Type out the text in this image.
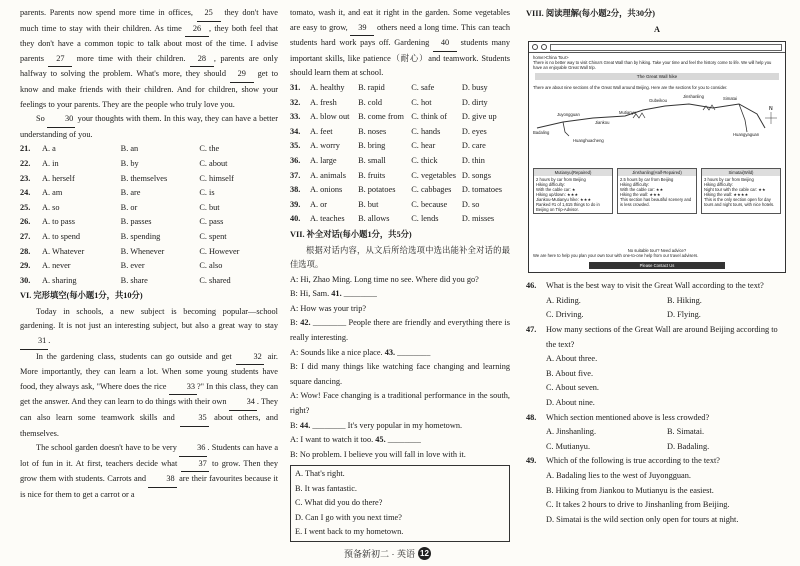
parents. Parents now spend more time in offices, 25 they don't have much time to stay with their children. As time 26 , they both feel that they don't have a common topic to talk about most of the time. I advise parents 27 more time with their children. 28 , parents are only halfway to solving the problem. What's more, they should 29 get to know and make friends with their children. And for children, show your feelings to your parents. They are the people who truly love you.

So 30 your thoughts with them. In this way, they can have a better understanding of you.

21.	A. a	B. an	C. the
22.	A. in	B. by	C. about
23.	A. herself	B. themselves	C. himself
24.	A. am	B. are	C. is
25.	A. so	B. or	C. but
26.	A. to pass	B. passes	C. pass
27.	A. to spend	B. spending	C. spent
28.	A. Whatever	B. Whenever	C. However
29.	A. never	B. ever	C. also
30.	A. sharing	B. share	C. shared
VI. 完形填空(每小题1分，共10分)

Today in schools, a new subject is becoming popular—school gardening. It is not just an interesting subject, but also a great way to stay 31 .

In the gardening class, students can go outside and get 32 air. More importantly, they can learn a lot. When some young students have food, they always ask, "Where does the rice 33 ?" In this class, they can get the answer. And they can learn to do things with their own 34 . They can also learn some teamwork skills and 35 about others, and themselves.

The school garden doesn't have to be very 36 . Students can have a lot of fun in it. At first, teachers decide what 37 to grow. Then they grow them with students. Carrots and 38 are their favourites because it is nice for them to get a carrot or a

tomato, wash it, and eat it right in the garden. Some vegetables are easy to grow, 39 others need a long time. This can teach students hard work pays off. Gardening 40 students many important skills, like patience（耐心）and teamwork. Students should learn them at school.

31.	A. healthy	B. rapid	C. safe	D. busy
32.	A. fresh	B. cold	C. hot	D. dirty
33.	A. blow out	B. come from C. think of	D. give up
34.	A. feet	B. noses	C. hands	D. eyes
35.	A. worry	B. bring	C. hear	D. care
36.	A. large	B. small	C. thick	D. thin
37.	A. animals	B. fruits	C. vegetables D. songs
38.	A. onions	B. potatoes	C. cabbages	D. tomatoes
39.	A. or	B. but	C. because	D. so
40.	A. teaches	B. allows	C. lends	D. misses
VII. 补全对话(每小题1分，共5分)

根据对话内容，从文后所给选项中选出能补全对话的最佳选项。

A: Hi, Zhao Ming. Long time no see. Where did you go?

B: Hi, Sam. 41. ________

A: How was your trip?

B: 42. ________ People there are friendly and everything there is really interesting.

A: Sounds like a nice place. 43. ________

B: I did many things like watching face changing and learning square dancing.

A: Wow! Face changing is a traditional performance in the south, right?

B: 44. ________ It's very popular in my hometown.

A: I want to watch it too. 45. ________

B: No problem. I believe you will fall in love with it.

A. That's right.
B. It was fantastic.
C. What did you do there?
D. Can I go with you next time?
E. I went back to my hometown.
VIII. 阅读理解(每小题2分，共30分)
A
home>China Tour>
There is no better way to visit China's Great Wall than by hiking. Take your time and feel the history come to life. We will help you have an enjoyable Great Wall trip.
The Great Wall hike
There are about nine sections of the Great Wall around Beijing. Here are the sections for you to consider.
N
Badaling
Juyongguan
Jiankou
Mutianyu
Gubeikou
Jinshanling	Simatai
Huanghuacheng
Huangyaguan
Mutianyu(Repaired)
2 hours by car from Beijing
Hiking difficulty:
With the cable car: ★
Hiking up/down: ★★★
Jiankou-Mutianyu hike: ★★★
Ranked #1 of 1,615 things to do in Beijing on Trip-Advisor.
Jinshanling(Half-Repaired)
2.5 hours by car from Beijing
Hiking difficulty:
With the cable car: ★★
Hiking the wall: ★★★
This section has beautiful scenery and is less crowded.
Simatai(Wild)
3 hours by car from Beijing
Hiking difficulty:
Night tour with the cable car: ★★
Hiking the wall: ★★★★
This is the only section open for day tours and night tours, with nice hotels.
No suitable tour? Need advice?
We are here to help you plan your own tour with one-to-one help from our travel advisers.
Please Contact Us
46.	What is the best way to visit the Great Wall according to the text?
A. Riding.	B. Hiking.
C. Driving.	D. Flying.
47.	How many sections of the Great Wall are around Beijing according to the text?
A. About three.
B. About five.
C. About seven.
D. About nine.
48.	Which section mentioned above is less crowded?
A. Jinshanling.	B. Simatai.
C. Mutianyu.	D. Badaling.
49.	Which of the following is true according to the text?
A. Badaling lies to the west of Juyongguan.
B. Hiking from Jiankou to Mutianyu is the easiest.
C. It takes 2 hours to drive to Jinshanling from Beijing.
D. Simatai is the wild section only open for tours at night.
预备新初二 · 英语 12
